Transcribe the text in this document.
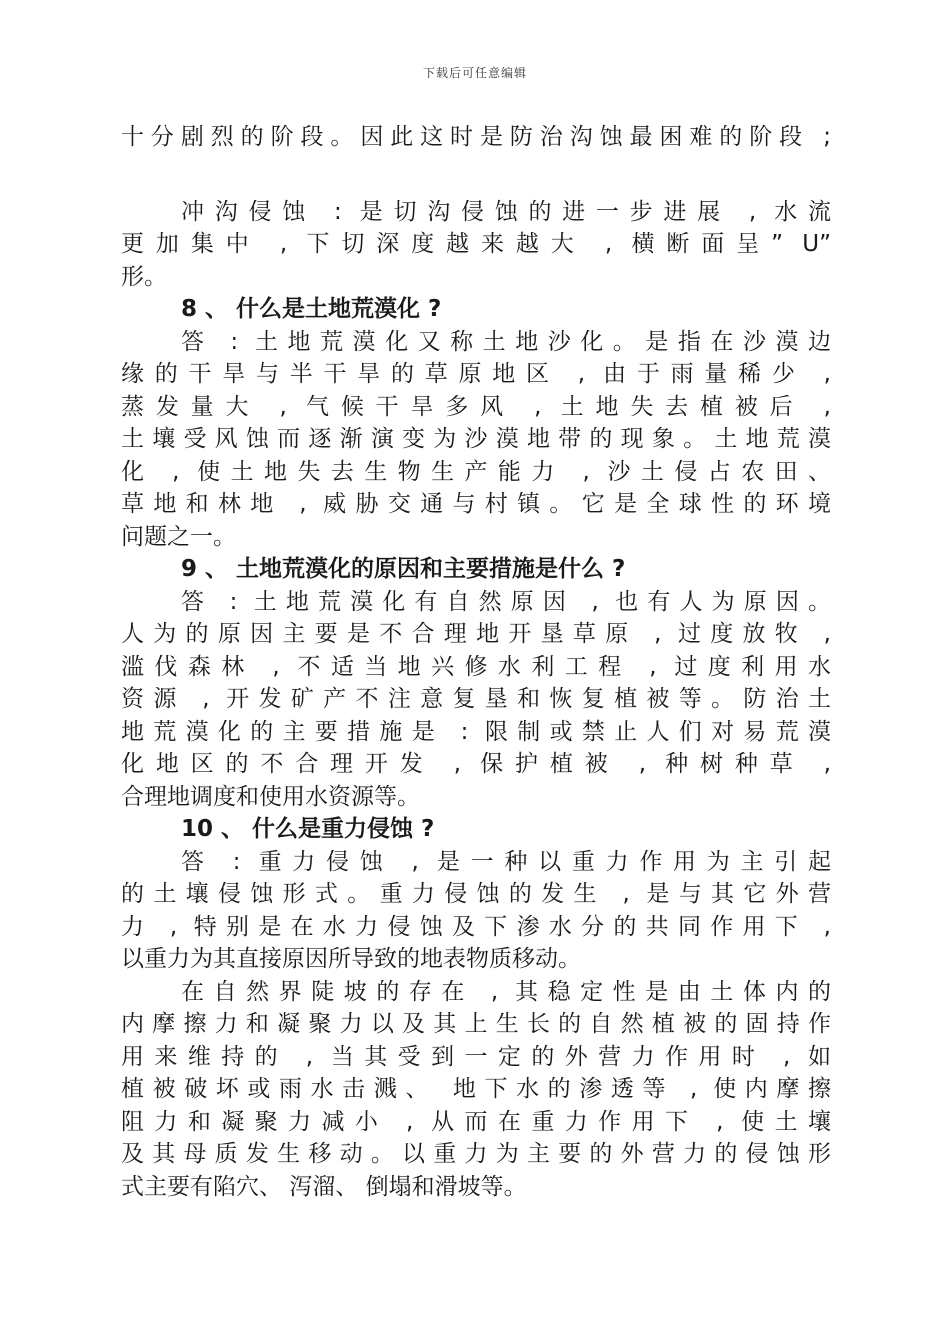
下载后可任意编辑
十分剧烈的阶段。因此这时是防治沟蚀最困难的阶段 ;
冲沟侵蚀 : 是切沟侵蚀的进一步进展 , 水流
更加集中 , 下切深度越来越大 , 横断面呈” U”
形。
8 、 什么是土地荒漠化 ?
答 : 土地荒漠化又称土地沙化。是指在沙漠边
缘的干旱与半干旱的草原地区 , 由于雨量稀少 ,
蒸发量大 , 气候干旱多风 , 土地失去植被后 ,
土壤受风蚀而逐渐演变为沙漠地带的现象。土地荒漠
化 , 使土地失去生物生产能力 , 沙土侵占农田、
草地和林地 , 威胁交通与村镇。它是全球性的环境
问题之一。
9 、 土地荒漠化的原因和主要措施是什么 ?
答 : 土地荒漠化有自然原因 , 也有人为原因。
人为的原因主要是不合理地开垦草原 , 过度放牧 ,
滥伐森林 , 不适当地兴修水利工程 , 过度利用水
资源 , 开发矿产不注意复垦和恢复植被等。防治土
地荒漠化的主要措施是 : 限制或禁止人们对易荒漠
化地区的不合理开发 , 保护植被 , 种树种草 ,
合理地调度和使用水资源等。
10 、 什么是重力侵蚀 ?
答 : 重力侵蚀 , 是一种以重力作用为主引起
的土壤侵蚀形式。重力侵蚀的发生 , 是与其它外营
力 , 特别是在水力侵蚀及下渗水分的共同作用下 ,
以重力为其直接原因所导致的地表物质移动。
在自然界陡坡的存在 , 其稳定性是由土体内的
内摩擦力和凝聚力以及其上生长的自然植被的固持作
用来维持的 , 当其受到一定的外营力作用时 , 如
植被破坏或雨水击溅、 地下水的渗透等 , 使内摩擦
阻力和凝聚力减小 , 从而在重力作用下 , 使土壤
及其母质发生移动。以重力为主要的外营力的侵蚀形
式主要有陷穴、 泻溜、 倒塌和滑坡等。
